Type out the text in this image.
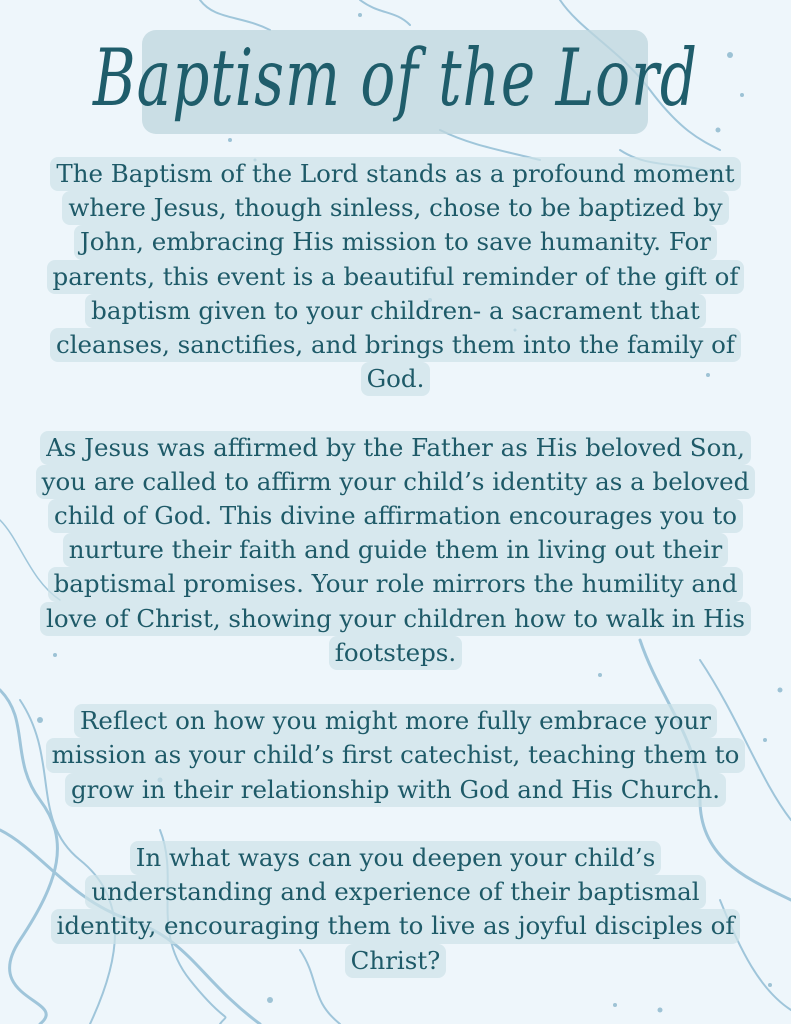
Baptism of the Lord

The Baptism of the Lord stands as a profound moment
where Jesus, though sinless, chose to be baptized by
John, embracing His mission to save humanity. For
parents, this event is a beautiful reminder of the gift of
baptism given to your children- a sacrament that
cleanses, sanctifies, and brings them into the family of
God.

As Jesus was affirmed by the Father as His beloved Son,
you are called to affirm your child’s identity as a beloved
child of God. This divine affirmation encourages you to
nurture their faith and guide them in living out their
baptismal promises. Your role mirrors the humility and
love of Christ, showing your children how to walk in His
footsteps.

Reflect on how you might more fully embrace your
mission as your child’s first catechist, teaching them to
grow in their relationship with God and His Church.

In what ways can you deepen your child’s
understanding and experience of their baptismal
identity, encouraging them to live as joyful disciples of
Christ?
